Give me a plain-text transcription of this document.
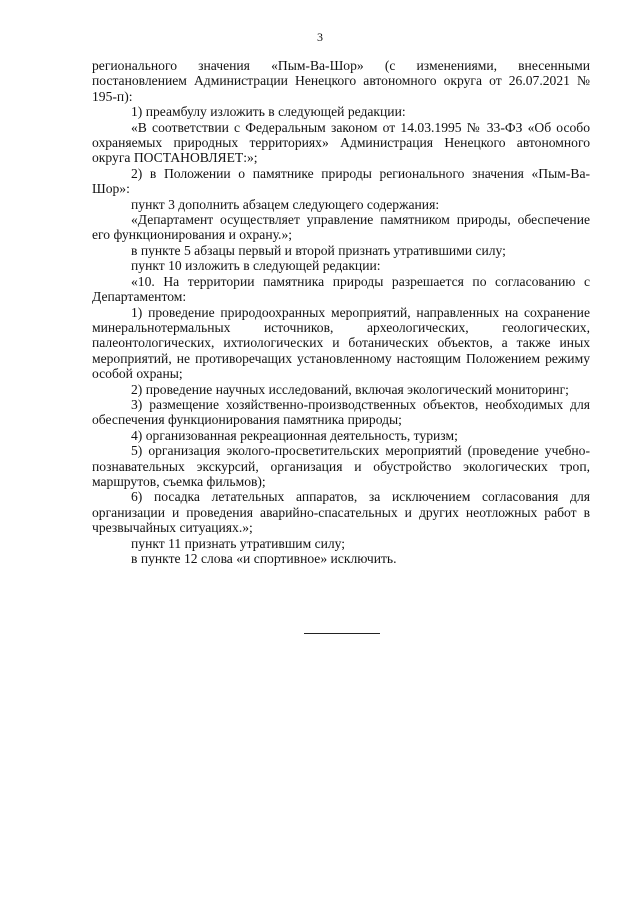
3

регионального значения «Пым-Ва-Шор» (с изменениями, внесенными постановлением Администрации Ненецкого автономного округа от 26.07.2021 № 195-п):

1) преамбулу изложить в следующей редакции:

«В соответствии с Федеральным законом от 14.03.1995 № 33-ФЗ «Об особо охраняемых природных территориях» Администрация Ненецкого автономного округа ПОСТАНОВЛЯЕТ:»;

2) в Положении о памятнике природы регионального значения «Пым-Ва-Шор»:

пункт 3 дополнить абзацем следующего содержания:

«Департамент осуществляет управление памятником природы, обеспечение его функционирования и охрану.»;

в пункте 5 абзацы первый и второй признать утратившими силу;

пункт 10 изложить в следующей редакции:

«10. На территории памятника природы разрешается по согласованию с Департаментом:

1) проведение природоохранных мероприятий, направленных на сохранение минеральнотермальных источников, археологических, геологических, палеонтологических, ихтиологических и ботанических объектов, а также иных мероприятий, не противоречащих установленному настоящим Положением режиму особой охраны;

2) проведение научных исследований, включая экологический мониторинг;

3) размещение хозяйственно-производственных объектов, необходимых для обеспечения функционирования памятника природы;

4) организованная рекреационная деятельность, туризм;

5) организация эколого-просветительских мероприятий (проведение учебно-познавательных экскурсий, организация и обустройство экологических троп, маршрутов, съемка фильмов);

6) посадка летательных аппаратов, за исключением согласования для организации и проведения аварийно-спасательных и других неотложных работ в чрезвычайных ситуациях.»;

пункт 11 признать утратившим силу;

в пункте 12 слова «и спортивное» исключить.
